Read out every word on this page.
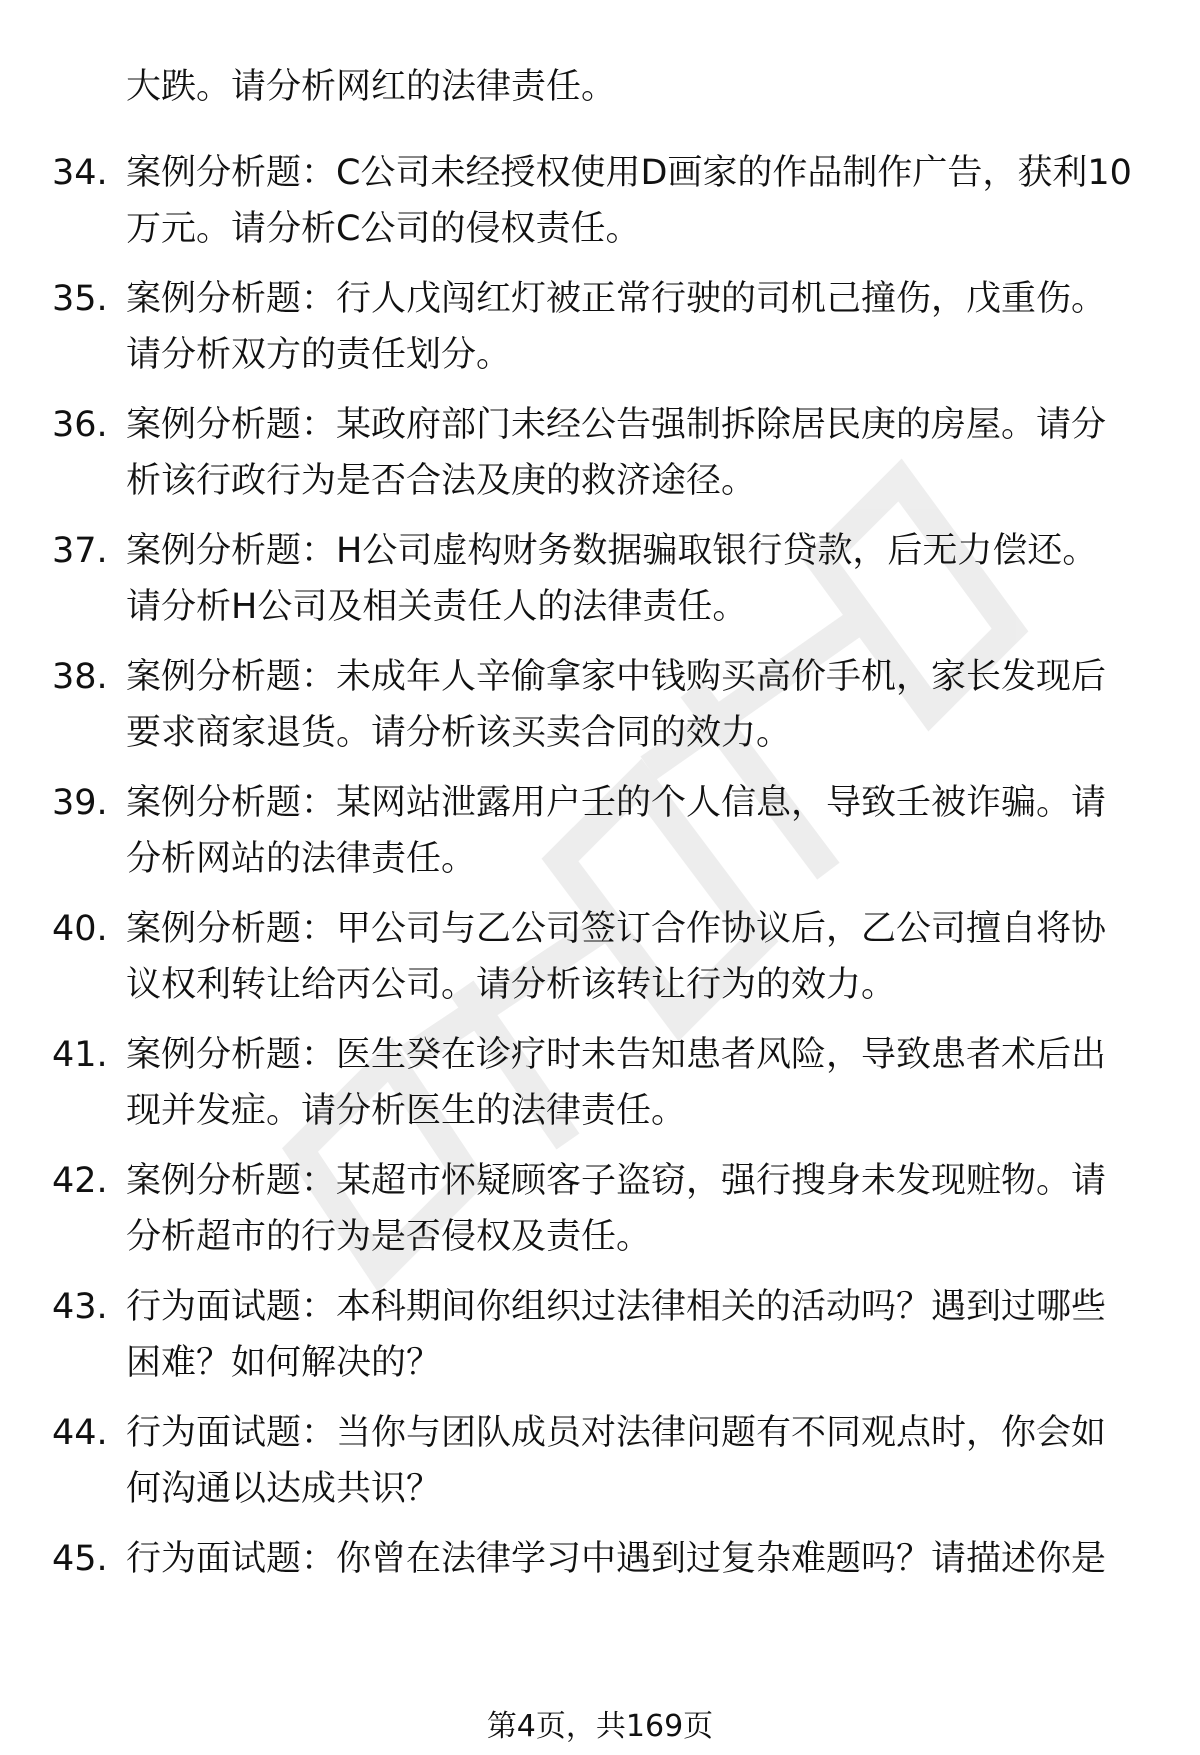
大跌。请分析网红的法律责任。
34. 案例分析题：C公司未经授权使用D画家的作品制作广告，获利10
万元。请分析C公司的侵权责任。
35. 案例分析题：行人戊闯红灯被正常行驶的司机己撞伤，戊重伤。
请分析双方的责任划分。
36. 案例分析题：某政府部门未经公告强制拆除居民庚的房屋。请分
析该行政行为是否合法及庚的救济途径。
37. 案例分析题：H公司虚构财务数据骗取银行贷款，后无力偿还。
请分析H公司及相关责任人的法律责任。
38. 案例分析题：未成年人辛偷拿家中钱购买高价手机，家长发现后
要求商家退货。请分析该买卖合同的效力。
39. 案例分析题：某网站泄露用户壬的个人信息，导致壬被诈骗。请
分析网站的法律责任。
40. 案例分析题：甲公司与乙公司签订合作协议后，乙公司擅自将协
议权利转让给丙公司。请分析该转让行为的效力。
41. 案例分析题：医生癸在诊疗时未告知患者风险，导致患者术后出
现并发症。请分析医生的法律责任。
42. 案例分析题：某超市怀疑顾客子盗窃，强行搜身未发现赃物。请
分析超市的行为是否侵权及责任。
43. 行为面试题：本科期间你组织过法律相关的活动吗？遇到过哪些
困难？如何解决的？
44. 行为面试题：当你与团队成员对法律问题有不同观点时，你会如
何沟通以达成共识？
45. 行为面试题：你曾在法律学习中遇到过复杂难题吗？请描述你是
第4页，共169页
